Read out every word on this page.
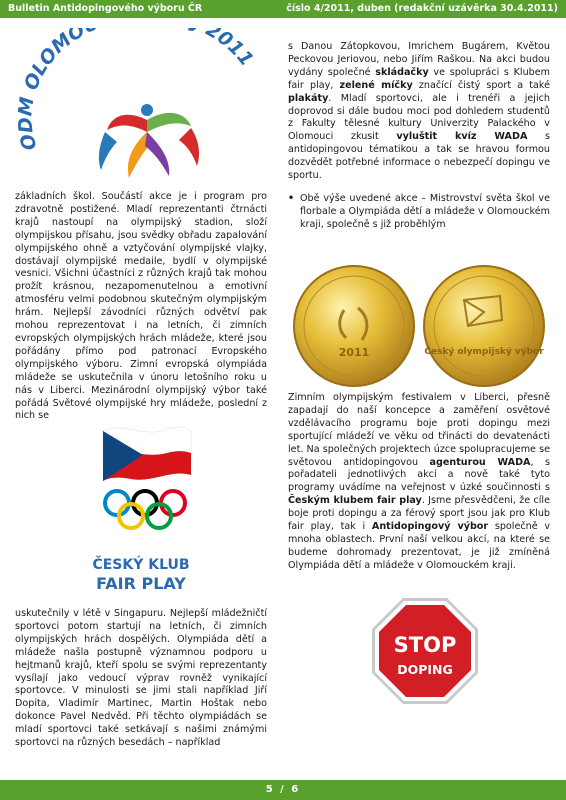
Bulletin Antidopingového výboru ČR	číslo 4/2011, duben (redakční uzávěrka 30.4.2011)
ODM OLOMO 2011

základních škol. Součástí akce je i program pro zdravotně postižené. Mladí reprezentanti čtrnácti krajů nastoupí na olympijský stadion, složí olympijskou přísahu, jsou svědky obřadu zapalování olympijského ohně a vztyčování olympijské vlajky, dostávají olympijské medaile, bydlí v olympijské vesnici. Všichni účastníci z různých krajů tak mohou prožít krásnou, nezapomenutelnou a emotivní atmosféru velmi podobnou skutečným olympijským hrám. Nejlepší závodníci různých odvětví pak mohou reprezentovat i na letních, či zimních evropských olympijských hrách mládeže, které jsou pořádány přímo pod patronací Evropského olympijského výboru. Zimní evropská olympiáda mládeže se uskutečnila v únoru letošního roku u nás v Liberci. Mezinárodní olympijský výbor také pořádá Světové olympijské hry mládeže, poslední z nich se

ČESKÝ KLUB
FAIR PLAY

uskutečnily v létě v Singapuru. Nejlepší mládežničtí sportovci potom startují na letních, či zimních olympijských hrách dospělých. Olympiáda dětí a mládeže našla postupně významnou podporu u hejtmanů krajů, kteří spolu se svými reprezentanty vysílají jako vedoucí výprav rovněž vynikající sportovce. V minulosti se jimi stali například Jiří Dopita, Vladimír Martinec, Martin Hoštak nebo dokonce Pavel Nedvěd. Při těchto olympiádách se mladí sportovci také setkávají s našimi známými sportovci na různých besedách – například

s Danou Zátopkovou, Imrichem Bugárem, Květou Peckovou Jeriovou, nebo Jiřím Raškou. Na akci budou vydány společné skládačky ve spolupráci s Klubem fair play, zelené míčky značící čistý sport a také plakáty. Mladí sportovci, ale i trenéři a jejich doprovod si dále budou moci pod dohledem studentů z Fakulty tělesné kultury Univerzity Palackého v Olomouci zkusit vyluštit kvíz WADA s antidopingovou tématikou a tak se hravou formou dozvědět potřebné informace o nebezpečí dopingu ve sportu.

• Obě výše uvedené akce – Mistrovství světa škol ve florbale a Olympiáda dětí a mládeže v Olomouckém kraji, společně s již proběhlým
2011	Český olympijský výbor

Zimním olympijským festivalem v Liberci, přesně zapadají do naší koncepce a zaměření osvětové vzdělávacího programu boje proti dopingu mezi sportující mládeží ve věku od třinácti do devatenácti let. Na společných projektech úzce spolupracujeme se světovou antidopingovou agenturou WADA, s pořadateli jednotlivých akcí a nově také tyto programy uvádíme na veřejnost v úzké součinnosti s Českým klubem fair play. Jsme přesvědčeni, že cíle boje proti dopingu a za férový sport jsou jak pro Klub fair play, tak i Antidopingový výbor společně v mnoha oblastech. První naší velkou akcí, na které se budeme dohromady prezentovat, je již zmíněná Olympiáda dětí a mládeže v Olomouckém kraji.

STOP
DOPING
5 / 6
